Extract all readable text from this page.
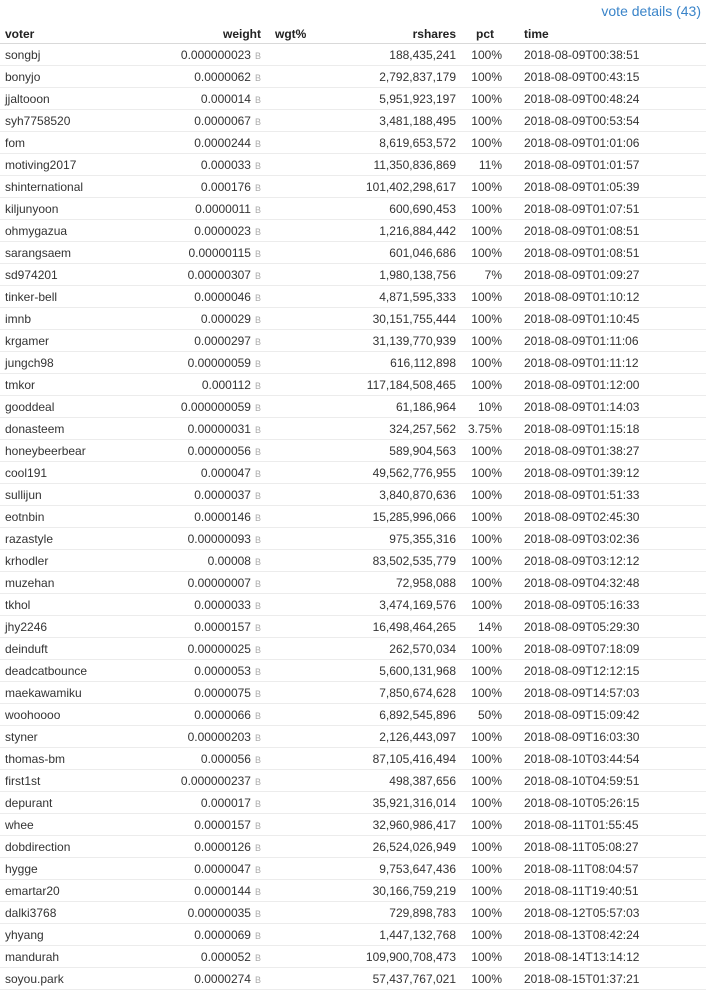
vote details (43)
voter	weight	wgt%	rshares	pct	time
songbj	0.000000023 B		188,435,241	100%	2018-08-09T00:38:51
bonyjo	0.0000062 B		2,792,837,179	100%	2018-08-09T00:43:15
jjaltooon	0.000014 B		5,951,923,197	100%	2018-08-09T00:48:24
syh7758520	0.0000067 B		3,481,188,495	100%	2018-08-09T00:53:54
fom	0.0000244 B		8,619,653,572	100%	2018-08-09T01:01:06
motiving2017	0.000033 B		11,350,836,869	11%	2018-08-09T01:01:57
shinternational	0.000176 B		101,402,298,617	100%	2018-08-09T01:05:39
kiljunyoon	0.0000011 B		600,690,453	100%	2018-08-09T01:07:51
ohmygazua	0.0000023 B		1,216,884,442	100%	2018-08-09T01:08:51
sarangsaem	0.00000115 B		601,046,686	100%	2018-08-09T01:08:51
sd974201	0.00000307 B		1,980,138,756	7%	2018-08-09T01:09:27
tinker-bell	0.0000046 B		4,871,595,333	100%	2018-08-09T01:10:12
imnb	0.000029 B		30,151,755,444	100%	2018-08-09T01:10:45
krgamer	0.0000297 B		31,139,770,939	100%	2018-08-09T01:11:06
jungch98	0.00000059 B		616,112,898	100%	2018-08-09T01:11:12
tmkor	0.000112 B		117,184,508,465	100%	2018-08-09T01:12:00
gooddeal	0.000000059 B		61,186,964	10%	2018-08-09T01:14:03
donasteem	0.00000031 B		324,257,562	3.75%	2018-08-09T01:15:18
honeybeerbear	0.00000056 B		589,904,563	100%	2018-08-09T01:38:27
cool191	0.000047 B		49,562,776,955	100%	2018-08-09T01:39:12
sullijun	0.0000037 B		3,840,870,636	100%	2018-08-09T01:51:33
eotnbin	0.0000146 B		15,285,996,066	100%	2018-08-09T02:45:30
razastyle	0.00000093 B		975,355,316	100%	2018-08-09T03:02:36
krhodler	0.00008 B		83,502,535,779	100%	2018-08-09T03:12:12
muzehan	0.00000007 B		72,958,088	100%	2018-08-09T04:32:48
tkhol	0.0000033 B		3,474,169,576	100%	2018-08-09T05:16:33
jhy2246	0.0000157 B		16,498,464,265	14%	2018-08-09T05:29:30
deinduft	0.00000025 B		262,570,034	100%	2018-08-09T07:18:09
deadcatbounce	0.0000053 B		5,600,131,968	100%	2018-08-09T12:12:15
maekawamiku	0.0000075 B		7,850,674,628	100%	2018-08-09T14:57:03
woohoooo	0.0000066 B		6,892,545,896	50%	2018-08-09T15:09:42
styner	0.00000203 B		2,126,443,097	100%	2018-08-09T16:03:30
thomas-bm	0.000056 B		87,105,416,494	100%	2018-08-10T03:44:54
first1st	0.000000237 B		498,387,656	100%	2018-08-10T04:59:51
depurant	0.000017 B		35,921,316,014	100%	2018-08-10T05:26:15
whee	0.0000157 B		32,960,986,417	100%	2018-08-11T01:55:45
dobdirection	0.0000126 B		26,524,026,949	100%	2018-08-11T05:08:27
hygge	0.0000047 B		9,753,647,436	100%	2018-08-11T08:04:57
emartar20	0.0000144 B		30,166,759,219	100%	2018-08-11T19:40:51
dalki3768	0.00000035 B		729,898,783	100%	2018-08-12T05:57:03
yhyang	0.0000069 B		1,447,132,768	100%	2018-08-13T08:42:24
mandurah	0.000052 B		109,900,708,473	100%	2018-08-14T13:14:12
soyou.park	0.0000274 B		57,437,767,021	100%	2018-08-15T01:37:21
